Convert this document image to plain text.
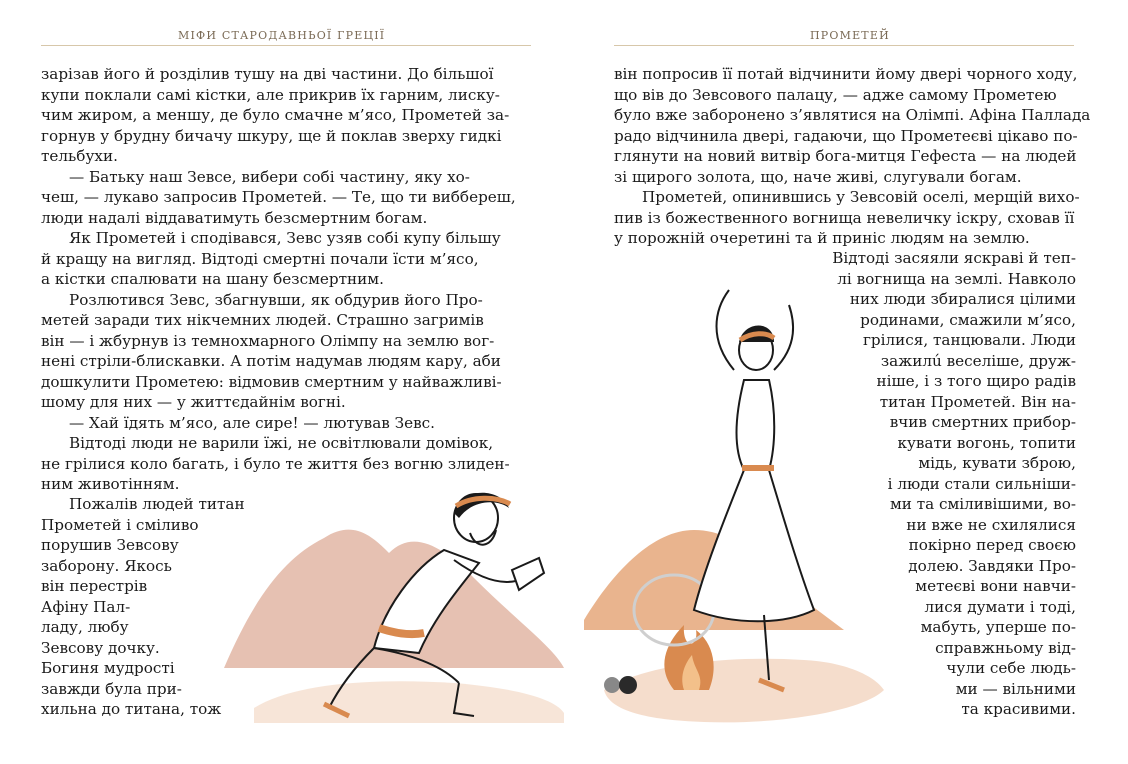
МІФИ СТАРОДАВНЬОЇ ГРЕЦІЇ
зарізав його й розділив тушу на дві частини. До більшої
купи поклали самі кістки, але прикрив їх гарним, лиску-
чим жиром, а меншу, де було смачне м’ясо, Прометей за-
горнув у брудну бичачу шкуру, ще й поклав зверху гидкі
тельбухи.
— Батьку наш Зевсе, вибери собі частину, яку хо-
чеш, — лукаво запросив Прометей. — Те, що ти виббереш,
люди надалі віддаватимуть безсмертним богам.
Як Прометей і сподівався, Зевс узяв собі купу більшу
й кращу на вигляд. Відтоді смертні почали їсти м’ясо,
а кістки спалювати на шану безсмертним.
Розлютився Зевс, збагнувши, як обдурив його Про-
метей заради тих нікчемних людей. Страшно загримів
він — і жбурнув із темнохмарного Олімпу на землю вог-
нені стріли-блискавки. А потім надумав людям кару, аби
дошкулити Прометею: відмовив смертним у найважливі-
шому для них — у життєдайнім вогні.
— Хай їдять м’ясо, але сире! — лютував Зевс.
Відтоді люди не варили їжі, не освітлювали домівок,
не грілися коло багать, і було те життя без вогню злиден-
ним животінням.
Пожалів людей титан
Прометей і сміливо
порушив Зевсову
заборону. Якось
він перестрів
Афіну Пал-
ладу, любу
Зевсову дочку.
Богиня мудрості
завжди була при-
хильна до титана, тож
ПРОМЕТЕЙ
він попросив її потай відчинити йому двері чорного ходу,
що вів до Зевсового палацу, — адже самому Прометею
було вже заборонено з’являтися на Олімпі. Афіна Паллада
радо відчинила двері, гадаючи, що Прометеєві цікаво по-
глянути на новий витвір бога-митця Гефеста — на людей
зі щирого золота, що, наче живі, слугували богам.
Прометей, опинившись у Зевсовій оселі, мерщій вихо-
пив із божественного вогнища невеличку іскру, сховав її
у порожній очеретині та й приніс людям на землю.
Відтоді засяяли яскраві й теп-
лі вогнища на землі. Навколо
них люди збиралися цілими
родинами, смажили м’ясо,
грілися, танцювали. Люди
зажилú веселіше, друж-
ніше, і з того щиро радів
титан Прометей. Він на-
вчив смертних прибор-
кувати вогонь, топити
мідь, кувати зброю,
і люди стали сильніши-
ми та сміливішими, во-
ни вже не схилялися
покірно перед своєю
долею. Завдяки Про-
метеєві вони навчи-
лися думати і тоді,
мабуть, уперше по-
справжньому від-
чули себе людь-
ми — вільними
та красивими.
